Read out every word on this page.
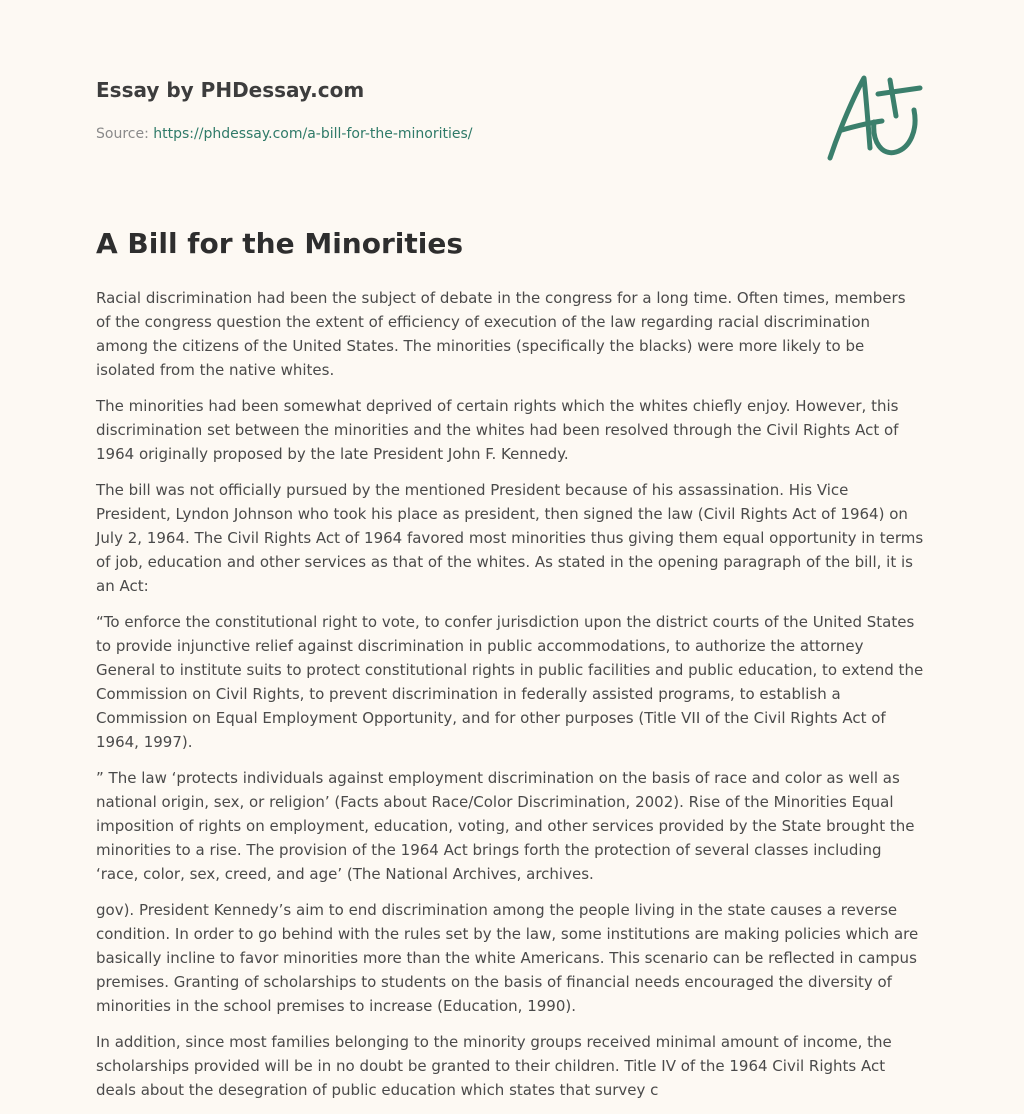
Essay by PHDessay.com
Source: https://phdessay.com/a-bill-for-the-minorities/
A Bill for the Minorities

Racial discrimination had been the subject of debate in the congress for a long time. Often times, members of the congress question the extent of efficiency of execution of the law regarding racial discrimination among the citizens of the United States. The minorities (specifically the blacks) were more likely to be isolated from the native whites.

The minorities had been somewhat deprived of certain rights which the whites chiefly enjoy. However, this discrimination set between the minorities and the whites had been resolved through the Civil Rights Act of 1964 originally proposed by the late President John F. Kennedy.

The bill was not officially pursued by the mentioned President because of his assassination. His Vice President, Lyndon Johnson who took his place as president, then signed the law (Civil Rights Act of 1964) on July 2, 1964. The Civil Rights Act of 1964 favored most minorities thus giving them equal opportunity in terms of job, education and other services as that of the whites. As stated in the opening paragraph of the bill, it is an Act:

“To enforce the constitutional right to vote, to confer jurisdiction upon the district courts of the United States to provide injunctive relief against discrimination in public accommodations, to authorize the attorney General to institute suits to protect constitutional rights in public facilities and public education, to extend the Commission on Civil Rights, to prevent discrimination in federally assisted programs, to establish a Commission on Equal Employment Opportunity, and for other purposes (Title VII of the Civil Rights Act of 1964, 1997).

” The law ‘protects individuals against employment discrimination on the basis of race and color as well as national origin, sex, or religion’ (Facts about Race/Color Discrimination, 2002). Rise of the Minorities Equal imposition of rights on employment, education, voting, and other services provided by the State brought the minorities to a rise. The provision of the 1964 Act brings forth the protection of several classes including ‘race, color, sex, creed, and age’ (The National Archives, archives.

gov). President Kennedy’s aim to end discrimination among the people living in the state causes a reverse condition. In order to go behind with the rules set by the law, some institutions are making policies which are basically incline to favor minorities more than the white Americans. This scenario can be reflected in campus premises. Granting of scholarships to students on the basis of financial needs encouraged the diversity of minorities in the school premises to increase (Education, 1990).

In addition, since most families belonging to the minority groups received minimal amount of income, the scholarships provided will be in no doubt be granted to their children. Title IV of the 1964 Civil Rights Act deals about the desegration of public education which states that survey c
